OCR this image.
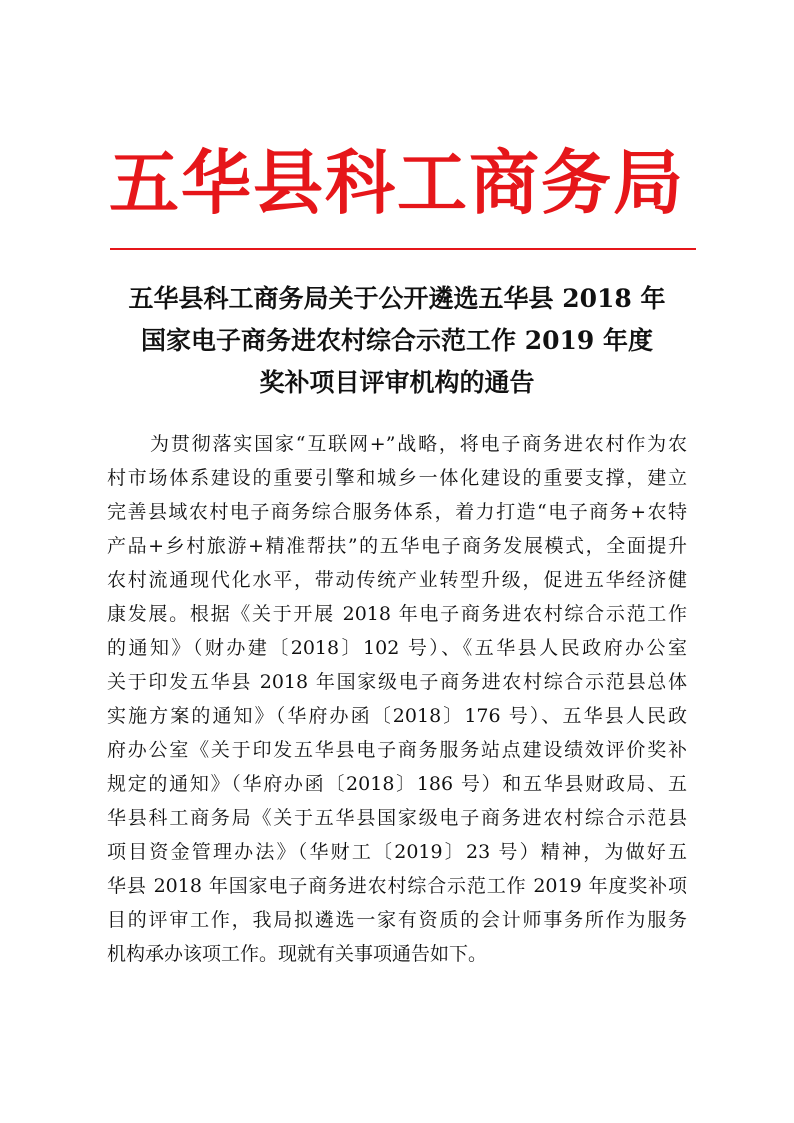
五华县科工商务局
五华县科工商务局关于公开遴选五华县 2018 年
国家电子商务进农村综合示范工作 2019 年度
奖补项目评审机构的通告
为贯彻落实国家“互联网+”战略，将电子商务进农村作为农
村市场体系建设的重要引擎和城乡一体化建设的重要支撑，建立
完善县域农村电子商务综合服务体系，着力打造“电子商务+农特
产品+乡村旅游+精准帮扶”的五华电子商务发展模式，全面提升
农村流通现代化水平，带动传统产业转型升级，促进五华经济健
康发展。根据《关于开展 2018 年电子商务进农村综合示范工作
的通知》（财办建〔2018〕102 号）、《五华县人民政府办公室
关于印发五华县 2018 年国家级电子商务进农村综合示范县总体
实施方案的通知》（华府办函〔2018〕176 号）、五华县人民政
府办公室《关于印发五华县电子商务服务站点建设绩效评价奖补
规定的通知》（华府办函〔2018〕186 号）和五华县财政局、五
华县科工商务局《关于五华县国家级电子商务进农村综合示范县
项目资金管理办法》（华财工〔2019〕23 号）精神，为做好五
华县 2018 年国家电子商务进农村综合示范工作 2019 年度奖补项
目的评审工作，我局拟遴选一家有资质的会计师事务所作为服务
机构承办该项工作。现就有关事项通告如下。
